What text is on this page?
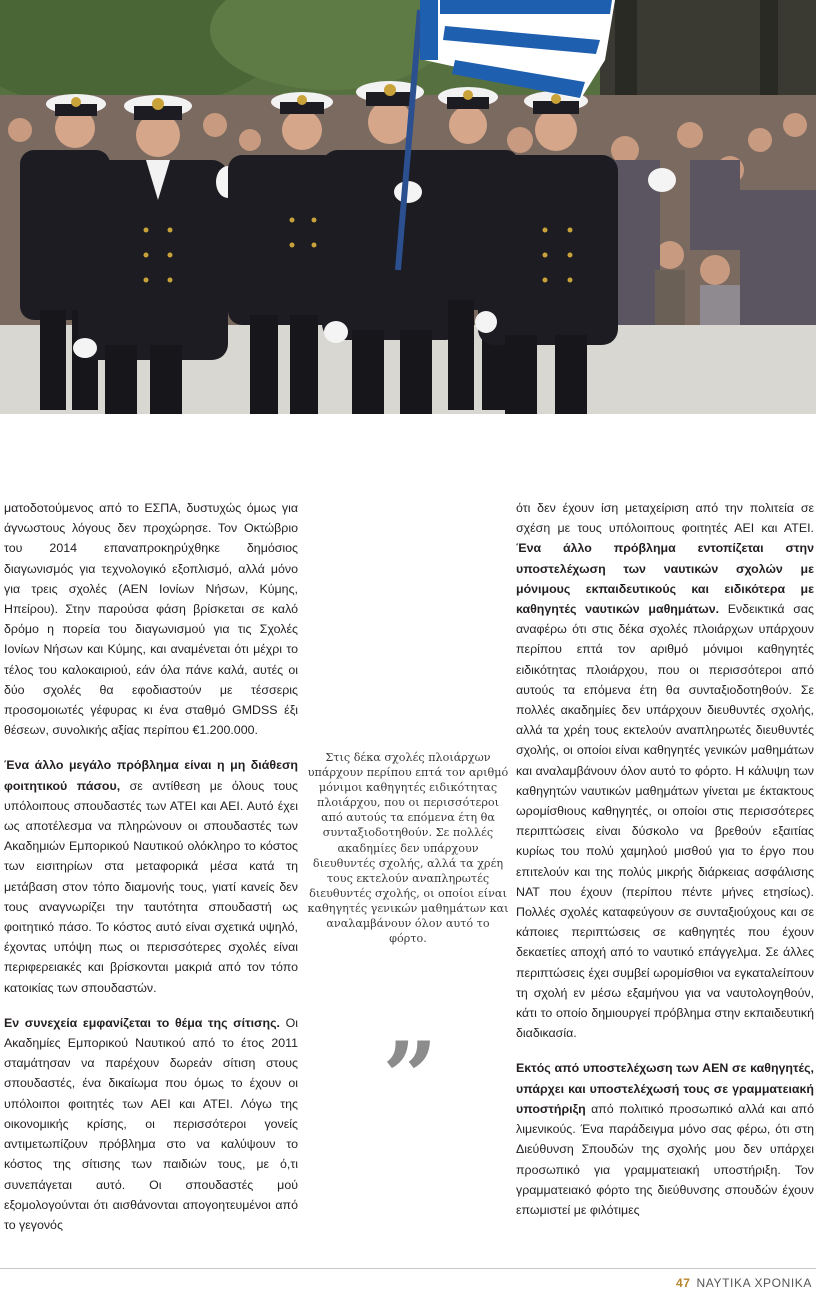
ματοδοτούμενος από το ΕΣΠΑ, δυστυχώς όμως για άγνωστους λόγους δεν προχώρησε. Τον Οκτώβριο του 2014 επαναπροκηρύχθηκε δημόσιος διαγωνισμός για τεχνολογικό εξοπλισμό, αλλά μόνο για τρεις σχολές (ΑΕΝ Ιονίων Νήσων, Κύμης, Ηπείρου). Στην παρούσα φάση βρίσκεται σε καλό δρόμο η πορεία του διαγωνισμού για τις Σχολές Ιονίων Νήσων και Κύμης, και αναμένεται ότι μέχρι το τέλος του καλοκαιριού, εάν όλα πάνε καλά, αυτές οι δύο σχολές θα εφοδιαστούν με τέσσερις προσομοιωτές γέφυρας κι ένα σταθμό GMDSS έξι θέσεων, συνολικής αξίας περίπου €1.200.000.

Ένα άλλο μεγάλο πρόβλημα είναι η μη διάθεση φοιτητικού πάσου, σε αντίθεση με όλους τους υπόλοιπους σπουδαστές των ΑΤΕΙ και ΑΕΙ. Αυτό έχει ως αποτέλεσμα να πληρώνουν οι σπουδαστές των Ακαδημιών Εμπορικού Ναυτικού ολόκληρο το κόστος των εισιτηρίων στα μεταφορικά μέσα κατά τη μετάβαση στον τόπο διαμονής τους, γιατί κανείς δεν τους αναγνωρίζει την ταυτότητα σπουδαστή ως φοιτητικό πάσο. Το κόστος αυτό είναι σχετικά υψηλό, έχοντας υπόψη πως οι περισσότερες σχολές είναι περιφερειακές και βρίσκονται μακριά από τον τόπο κατοικίας των σπουδαστών.

Εν συνεχεία εμφανίζεται το θέμα της σίτισης. Οι Ακαδημίες Εμπορικού Ναυτικού από το έτος 2011 σταμάτησαν να παρέχουν δωρεάν σίτιση στους σπουδαστές, ένα δικαίωμα που όμως το έχουν οι υπόλοιποι φοιτητές των ΑΕΙ και ΑΤΕΙ. Λόγω της οικονομικής κρίσης, οι περισσότεροι γονείς αντιμετωπίζουν πρόβλημα στο να καλύψουν το κόστος της σίτισης των παιδιών τους, με ό,τι συνεπάγεται αυτό. Οι σπουδαστές μού εξομολογούνται ότι αισθάνονται απογοητευμένοι από το γεγονός

Στις δέκα σχολές πλοιάρχων υπάρχουν περίπου επτά τον αριθμό μόνιμοι καθηγητές ειδικότητας πλοιάρχου, που οι περισσότεροι από αυτούς τα επόμενα έτη θα συνταξιοδοτηθούν. Σε πολλές ακαδημίες δεν υπάρχουν διευθυντές σχολής, αλλά τα χρέη τους εκτελούν αναπληρωτές διευθυντές σχολής, οι οποίοι είναι καθηγητές γενικών μαθημάτων και αναλαμβάνουν όλον αυτό το φόρτο.
”

ότι δεν έχουν ίση μεταχείριση από την πολιτεία σε σχέση με τους υπόλοιπους φοιτητές ΑΕΙ και ΑΤΕΙ. Ένα άλλο πρόβλημα εντοπίζεται στην υποστελέχωση των ναυτικών σχολών με μόνιμους εκπαιδευτικούς και ειδικότερα με καθηγητές ναυτικών μαθημάτων. Ενδεικτικά σας αναφέρω ότι στις δέκα σχολές πλοιάρχων υπάρχουν περίπου επτά τον αριθμό μόνιμοι καθηγητές ειδικότητας πλοιάρχου, που οι περισσότεροι από αυτούς τα επόμενα έτη θα συνταξιοδοτηθούν. Σε πολλές ακαδημίες δεν υπάρχουν διευθυντές σχολής, αλλά τα χρέη τους εκτελούν αναπληρωτές διευθυντές σχολής, οι οποίοι είναι καθηγητές γενικών μαθημάτων και αναλαμβάνουν όλον αυτό το φόρτο. Η κάλυψη των καθηγητών ναυτικών μαθημάτων γίνεται με έκτακτους ωρομίσθιους καθηγητές, οι οποίοι στις περισσότερες περιπτώσεις είναι δύσκολο να βρεθούν εξαιτίας κυρίως του πολύ χαμηλού μισθού για το έργο που επιτελούν και της πολύς μικρής διάρκειας ασφάλισης ΝΑΤ που έχουν (περίπου πέντε μήνες ετησίως). Πολλές σχολές καταφεύγουν σε συνταξιούχους και σε κάποιες περιπτώσεις σε καθηγητές που έχουν δεκαετίες αποχή από το ναυτικό επάγγελμα. Σε άλλες περιπτώσεις έχει συμβεί ωρομίσθιοι να εγκαταλείπουν τη σχολή εν μέσω εξαμήνου για να ναυτολογηθούν, κάτι το οποίο δημιουργεί πρόβλημα στην εκπαιδευτική διαδικασία.

Εκτός από υποστελέχωση των ΑΕΝ σε καθηγητές, υπάρχει και υποστελέχωσή τους σε γραμματειακή υποστήριξη από πολιτικό προσωπικό αλλά και από λιμενικούς. Ένα παράδειγμα μόνο σας φέρω, ότι στη Διεύθυνση Σπουδών της σχολής μου δεν υπάρχει προσωπικό για γραμματειακή υποστήριξη. Τον γραμματειακό φόρτο της διεύθυνσης σπουδών έχουν επωμιστεί με φιλότιμες

47 ΝΑΥΤΙΚΑ ΧΡΟΝΙΚΑ
